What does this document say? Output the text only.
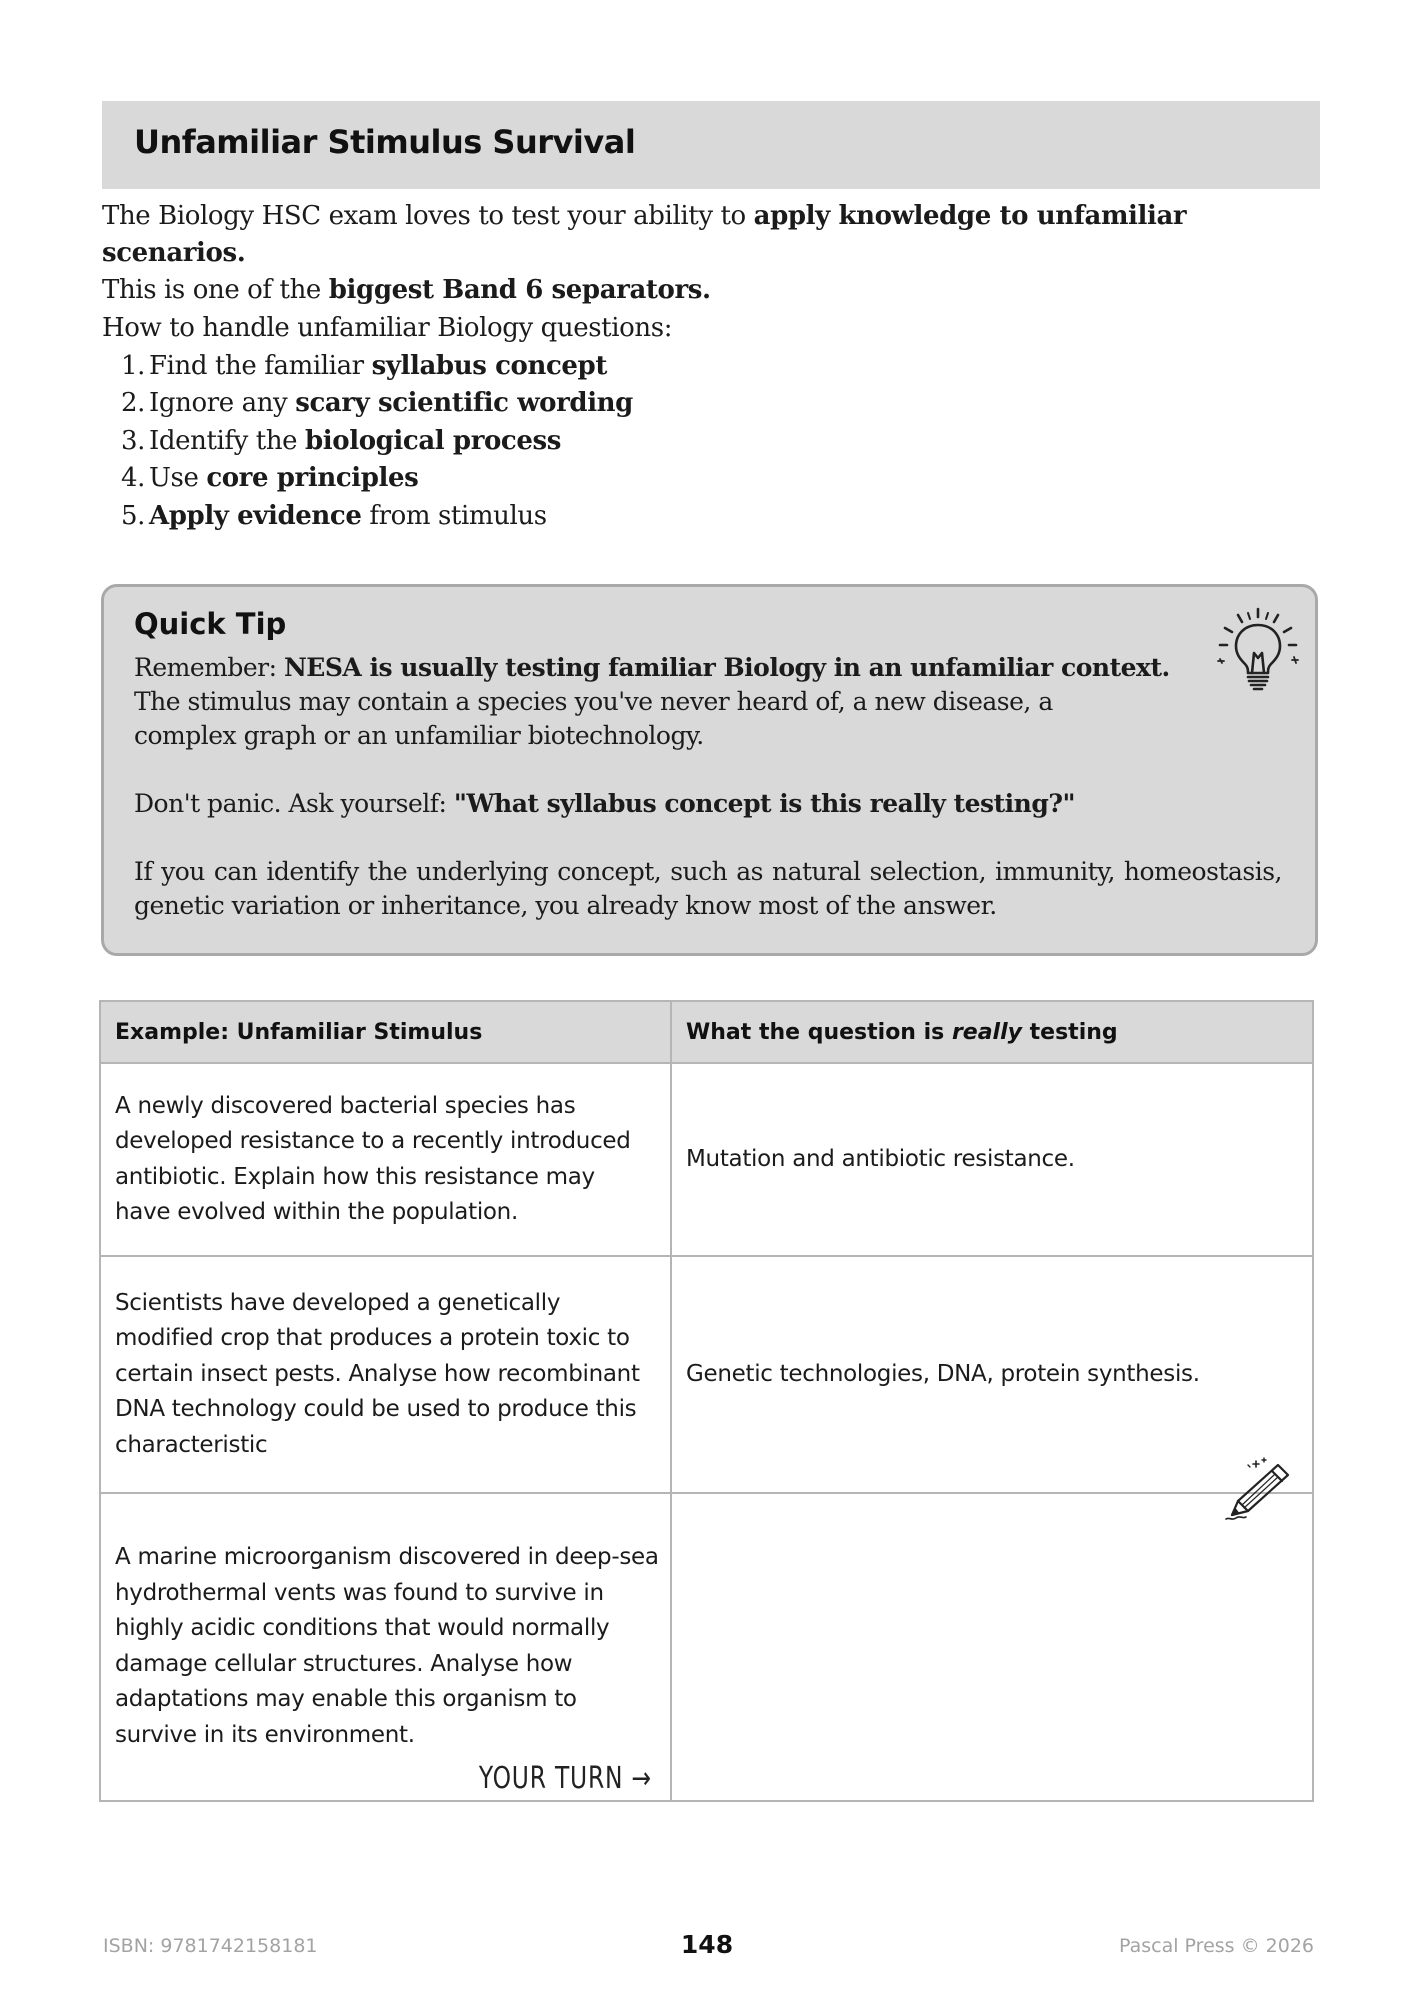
Unfamiliar Stimulus Survival

The Biology HSC exam loves to test your ability to apply knowledge to unfamiliar scenarios.

This is one of the biggest Band 6 separators.

How to handle unfamiliar Biology questions:

1. Find the familiar syllabus concept
2. Ignore any scary scientific wording
3. Identify the biological process
4. Use core principles
5. Apply evidence from stimulus
Quick Tip

Remember: NESA is usually testing familiar Biology in an unfamiliar context.
The stimulus may contain a species you've never heard of, a new disease, a
complex graph or an unfamiliar biotechnology.

Don't panic. Ask yourself: "What syllabus concept is this really testing?"

If you can identify the underlying concept, such as natural selection, immunity, homeostasis, genetic variation or inheritance, you already know most of the answer.

Example: Unfamiliar Stimulus	What the question is really testing
A newly discovered bacterial species has developed resistance to a recently introduced antibiotic. Explain how this resistance may have evolved within the population.	Mutation and antibiotic resistance.
Scientists have developed a genetically modified crop that produces a protein toxic to certain insect pests. Analyse how recombinant DNA technology could be used to produce this characteristic	Genetic technologies, DNA, protein synthesis.

A marine microorganism discovered in deep-sea hydrothermal vents was found to survive in highly acidic conditions that would normally damage cellular structures. Analyse how adaptations may enable this organism to survive in its environment.
YOUR TURN →	

ISBN: 9781742158181	148	Pascal Press © 2026
